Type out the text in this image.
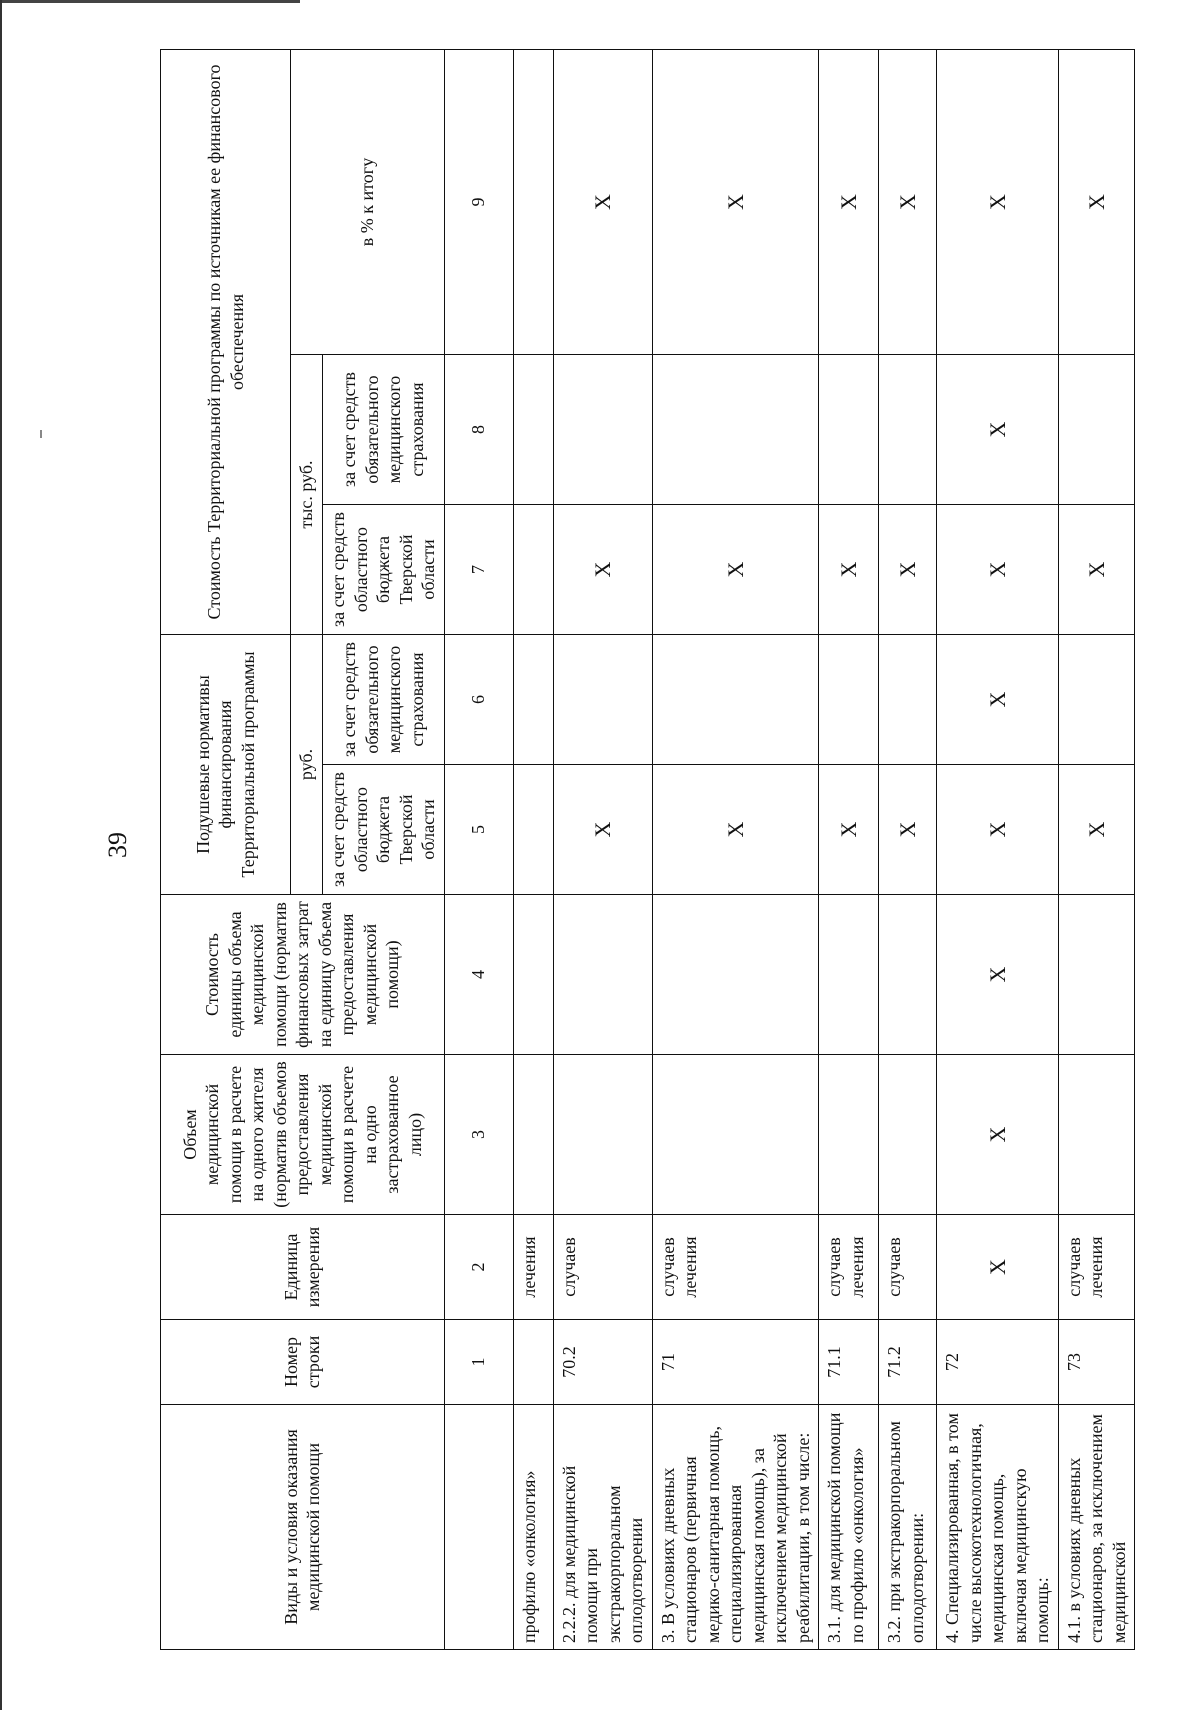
39
Виды и условия оказания медицинской помощи	Номер строки	Единица измерения	Объем медицинской помощи в расчете на одного жителя (норматив объемов предоставления медицинской помощи в расчете на одно застрахованное лицо)	Стоимость единицы объема медицинской помощи (норматив финансовых затрат на единицу объема предоставления медицинской помощи)	Подушевые нормативы финансирования Территориальной программы		Стоимость Территориальной программы по источникам ее финансового обеспечения		
					руб.		тыс. руб.		в % к итогу
					за счет средств областного бюджета Тверской области	за счет средств обязательного медицинского страхования	за счет средств областного бюджета Тверской области	за счет средств обязательного медицинского страхования	
	1	2	3	4	5	6	7	8	9
профилю «онкология»		лечения							
2.2.2. для медицинской помощи при экстракорпоральном оплодотворении	70.2	случаев			X		X		X
3. В условиях дневных стационаров (первичная медико-санитарная помощь, специализированная медицинская помощь), за исключением медицинской реабилитации, в том числе:	71	случаев лечения			X		X		X
3.1. для медицинской помощи по профилю «онкология»	71.1	случаев лечения			X		X		X
3.2. при экстракорпоральном оплодотворении:	71.2	случаев			X		X		X
4. Специализированная, в том числе высокотехнологичная, медицинская помощь, включая медицинскую помощь:	72	X	X	X	X	X	X	X	X
4.1. в условиях дневных стационаров, за исключением медицинской	73	случаев лечения			X		X		X
